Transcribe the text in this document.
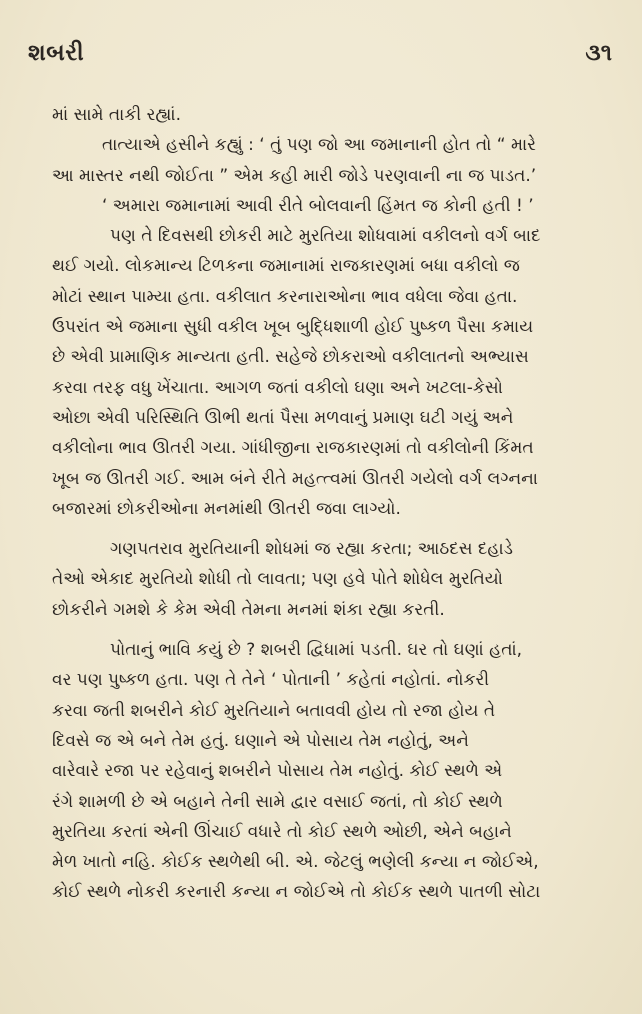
શબરી	૩૧

માં સામે તાકી રહ્યાં.

તાત્યાએ હસીને કહ્યું : ‘ તું પણ જો આ જમાનાની હોત તો “ મારે

આ માસ્તર નથી જોઈતા ” એમ કહી મારી જોડે પરણવાની ના જ પાડત.’

‘ અમારા જમાનામાં આવી રીતે બોલવાની હિંમત જ કોની હતી ! ’

પણ તે દિવસથી છોકરી માટે મુરતિયા શોધવામાં વકીલનો વર્ગ બાદ

થઈ ગયો. લોકમાન્ય ટિળકના જમાનામાં રાજકારણમાં બધા વકીલો જ

મોટાં સ્થાન પામ્યા હતા. વકીલાત કરનારાઓના ભાવ વધેલા જેવા હતા.

ઉપરાંત એ જમાના સુધી વકીલ ખૂબ બુદ્ધિશાળી હોઈ પુષ્કળ પૈસા કમાય

છે એવી પ્રામાણિક માન્યતા હતી. સહેજે છોકરાઓ વકીલાતનો અભ્યાસ

કરવા તરફ વધુ ખેંચાતા. આગળ જતાં વકીલો ઘણા અને ખટલા-કેસો

ઓછા એવી પરિસ્થિતિ ઊભી થતાં પૈસા મળવાનું પ્રમાણ ઘટી ગયું અને

વકીલોના ભાવ ઊતરી ગયા. ગાંધીજીના રાજકારણમાં તો વકીલોની કિંમત

ખૂબ જ ઊતરી ગઈ. આમ બંને રીતે મહત્ત્વમાં ઊતરી ગયેલો વર્ગ લગ્નના

બજારમાં છોકરીઓના મનમાંથી ઊતરી જવા લાગ્યો.

ગણપતરાવ મુરતિયાની શોધમાં જ રહ્યા કરતા; આઠદસ દહાડે

તેઓ એકાદ મુરતિયો શોધી તો લાવતા; પણ હવે પોતે શોધેલ મુરતિયો

છોકરીને ગમશે કે કેમ એવી તેમના મનમાં શંકા રહ્યા કરતી.

પોતાનું ભાવિ કયું છે ? શબરી દ્વિધામાં પડતી. ઘર તો ઘણાં હતાં,

વર પણ પુષ્કળ હતા. પણ તે તેને ‘ પોતાની ’ કહેતાં નહોતાં. નોકરી

કરવા જતી શબરીને કોઈ મુરતિયાને બતાવવી હોય તો રજા હોય તે

દિવસે જ એ બને તેમ હતું. ઘણાને એ પોસાય તેમ નહોતું, અને

વારેવારે રજા પર રહેવાનું શબરીને પોસાય તેમ નહોતું. કોઈ સ્થળે એ

રંગે શામળી છે એ બહાને તેની સામે દ્વાર વસાઈ જતાં, તો કોઈ સ્થળે

મુરતિયા કરતાં એની ઊંચાઈ વધારે તો કોઈ સ્થળે ઓછી, એને બહાને

મેળ ખાતો નહિ. કોઈક સ્થળેથી બી. એ. જેટલું ભણેલી કન્યા ન જોઈએ,

કોઈ સ્થળે નોકરી કરનારી કન્યા ન જોઈએ તો કોઈક સ્થળે પાતળી સોટા
